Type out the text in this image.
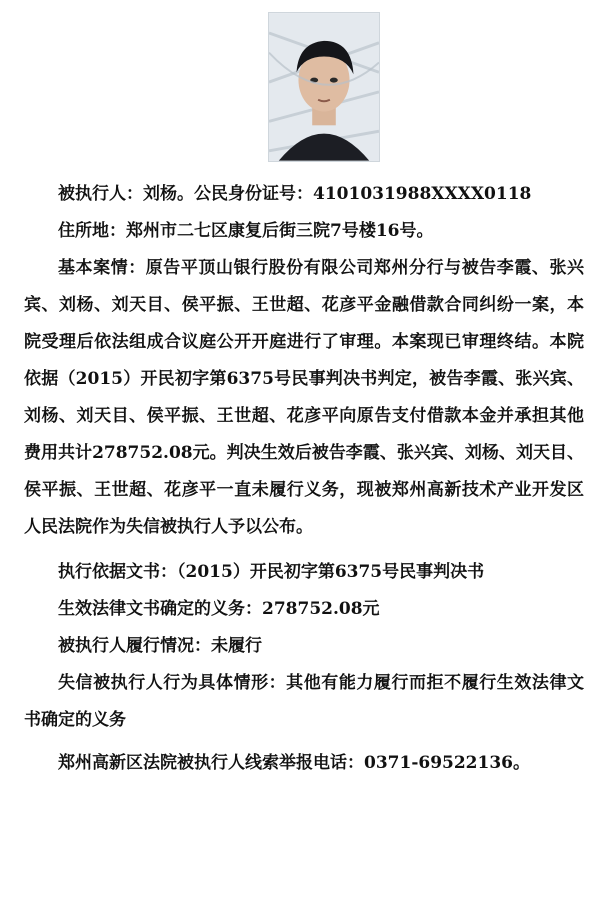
被执行人：刘杨。公民身份证号：4101031988XXXX0118

住所地：郑州市二七区康复后街三院7号楼16号。

基本案情：原告平顶山银行股份有限公司郑州分行与被告李霞、张兴宾、刘杨、刘天目、侯平振、王世超、花彦平金融借款合同纠纷一案，本院受理后依法组成合议庭公开开庭进行了审理。本案现已审理终结。本院依据（2015）开民初字第6375号民事判决书判定，被告李霞、张兴宾、刘杨、刘天目、侯平振、王世超、花彦平向原告支付借款本金并承担其他费用共计278752.08元。判决生效后被告李霞、张兴宾、刘杨、刘天目、侯平振、王世超、花彦平一直未履行义务，现被郑州高新技术产业开发区人民法院作为失信被执行人予以公布。

执行依据文书：（2015）开民初字第6375号民事判决书

生效法律文书确定的义务：278752.08元

被执行人履行情况：未履行

失信被执行人行为具体情形：其他有能力履行而拒不履行生效法律文书确定的义务

郑州高新区法院被执行人线索举报电话：0371-69522136。
